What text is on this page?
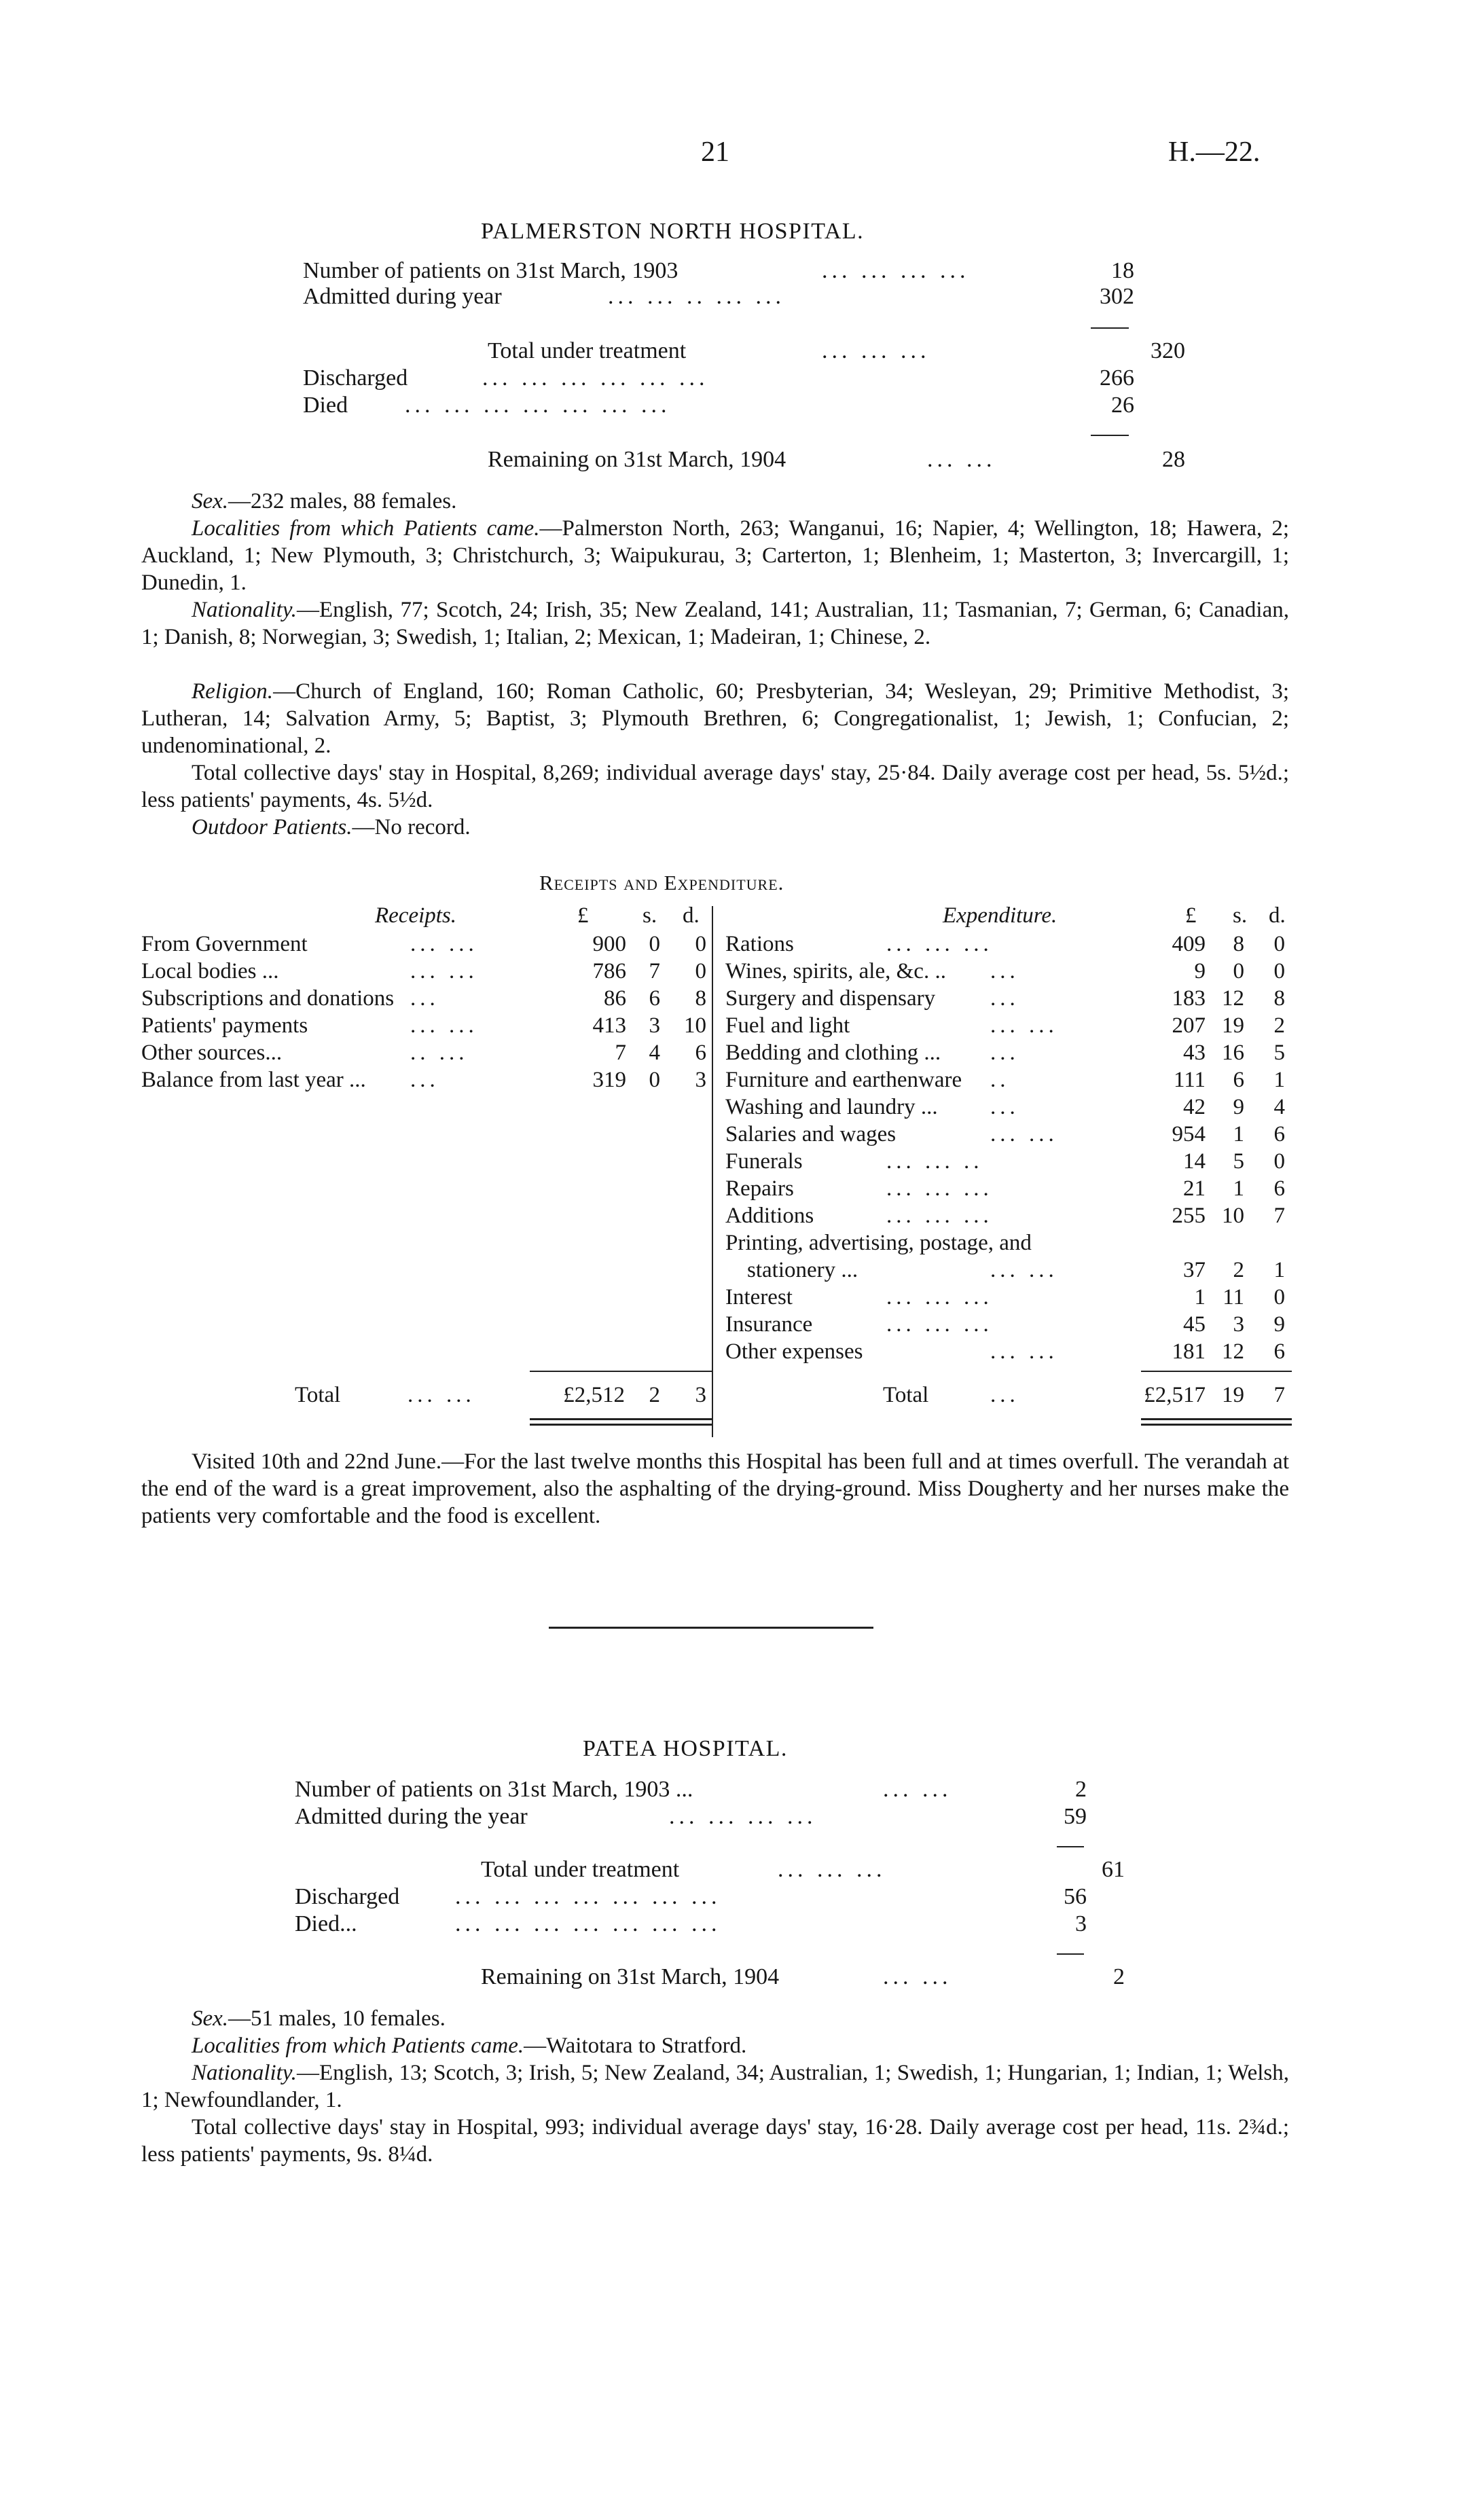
21	H.—22.
PALMERSTON NORTH HOSPITAL.
Number of patients on 31st March, 1903	... ... ... ...	18
Admitted during year	... ... .. ... ...	302
Total under treatment	... ... ...	320
Discharged	... ... ... ... ... ...	266
Died ... ... ... ... ... ... ...	26
Remaining on 31st March, 1904	... ...	28
Sex.—232 males, 88 females.
Localities from which Patients came.—Palmerston North, 263; Wanganui, 16; Napier, 4; Wellington, 18; Hawera, 2; Auckland, 1; New Plymouth, 3; Christchurch, 3; Waipukurau, 3; Carterton, 1; Blenheim, 1; Masterton, 3; Invercargill, 1; Dunedin, 1.
Nationality.—English, 77; Scotch, 24; Irish, 35; New Zealand, 141; Australian, 11; Tasmanian, 7; German, 6; Canadian, 1; Danish, 8; Norwegian, 3; Swedish, 1; Italian, 2; Mexican, 1; Madeiran, 1; Chinese, 2.
Religion.—Church of England, 160; Roman Catholic, 60; Presbyterian, 34; Wesleyan, 29; Primitive Methodist, 3; Lutheran, 14; Salvation Army, 5; Baptist, 3; Plymouth Brethren, 6; Congregationalist, 1; Jewish, 1; Confucian, 2; undenominational, 2.
Total collective days' stay in Hospital, 8,269; individual average days' stay, 25·84. Daily average cost per head, 5s. 5½d.; less patients' payments, 4s. 5½d.
Outdoor Patients.—No record.
Receipts and Expenditure.
Receipts.	£ s. d.	Expenditure.	£ s. d.
From Government	... ...	900	0	0
Local bodies ...	... ...	786	7	0
Subscriptions and donations ...	86	6	8
Patients' payments	... ...	413	3	10
Other sources...	.. ...	7	4	6
Balance from last year ... ...	319	0	3
Rations	... ... ...	409	8	0
Wines, spirits, ale, &c. .. ...	9	0	0
Surgery and dispensary ...	183 12	8
Fuel and light	... ...	207 19	2
Bedding and clothing ... ...	43 16	5
Furniture and earthenware ..	111	6	1
Washing and laundry ... ...	42	9	4
Salaries and wages	... ...	954	1	6
Funerals	... ... ..	14	5	0
Repairs	... ... ...	21	1	6
Additions	... ... ...	255 10	7
Printing, advertising, postage, and
stationery ...	... ...	37	2	1
Interest	... ... ...	1 11	0
Insurance	... ... ...	45	3	9
Other expenses	... ...	181 12	6
Total	... ...	£2,512	2	3	Total	...	£2,517 19	7
Visited 10th and 22nd June.—For the last twelve months this Hospital has been full and at times overfull. The verandah at the end of the ward is a great improvement, also the asphalting of the drying-ground. Miss Dougherty and her nurses make the patients very comfortable and the food is excellent.
PATEA HOSPITAL.
Number of patients on 31st March, 1903 ...	... ...	2
Admitted during the year	... ... ... ...	59
Total under treatment	... ... ...	61
Discharged ... ... ... ... ... ... ...	56
Died...	... ... ... ... ... ... ...	3
Remaining on 31st March, 1904	... ...	2
Sex.—51 males, 10 females.
Localities from which Patients came.—Waitotara to Stratford.
Nationality.—English, 13; Scotch, 3; Irish, 5; New Zealand, 34; Australian, 1; Swedish, 1; Hungarian, 1; Indian, 1; Welsh, 1; Newfoundlander, 1.
Total collective days' stay in Hospital, 993; individual average days' stay, 16·28. Daily average cost per head, 11s. 2¾d.; less patients' payments, 9s. 8¼d.
